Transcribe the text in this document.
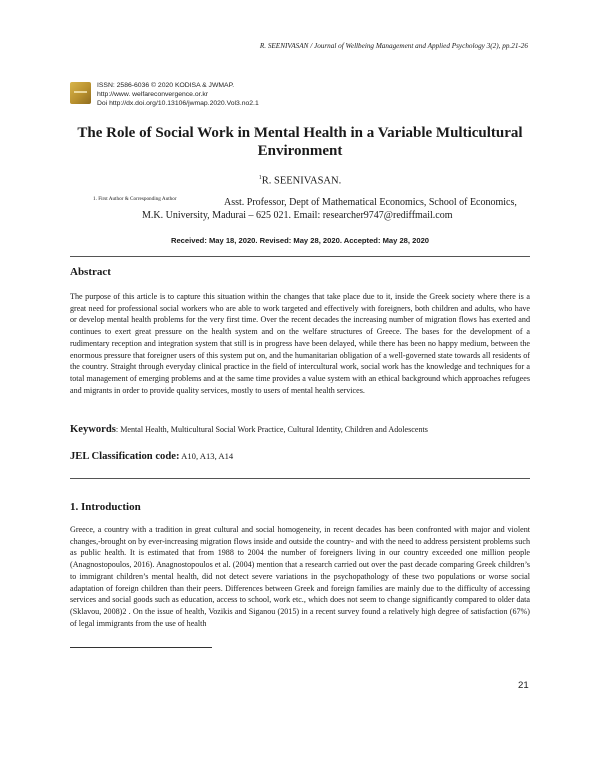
R. SEENIVASAN / Journal of Wellbeing Management and Applied Psychology 3(2), pp.21-26
ISSN: 2586-6036 © 2020 KODISA & JWMAP.
http://www. welfareconvergence.or.kr
Doi http://dx.doi.org/10.13106/jwmap.2020.Vol3.no2.1
The Role of Social Work in Mental Health in a Variable Multicultural
Environment
$^1$R. SEENIVASAN.
1. First Author & Corresponding Author	Asst. Professor, Dept of Mathematical Economics, School of Economics,
M.K. University, Madurai – 625 021. Email: researcher9747@rediffmail.com
Received: May 18, 2020. Revised: May 28, 2020. Accepted: May 28, 2020
Abstract
The purpose of this article is to capture this situation within the changes that take place due to it, inside the Greek society where there is a great need for professional social workers who are able to work targeted and effectively with foreigners, both children and adults, who have or develop mental health problems for the very first time. Over the recent decades the increasing number of migration flows has exerted and continues to exert great pressure on the health system and on the welfare structures of Greece. The bases for the development of a rudimentary reception and integration system that still is in progress have been delayed, while there has been no happy medium, between the enormous pressure that foreigner users of this system put on, and the humanitarian obligation of a well-governed state towards all residents of the country. Straight through everyday clinical practice in the field of intercultural work, social work has the knowledge and techniques for a total management of emerging problems and at the same time provides a value system with an ethical background which approaches refugees and migrants in order to provide quality services, mostly to users of mental health services.
Keywords: Mental Health, Multicultural Social Work Practice, Cultural Identity, Children and Adolescents
JEL Classification code: A10, A13, A14
1. Introduction
Greece, a country with a tradition in great cultural and social homogeneity, in recent decades has been confronted with major and violent changes,-brought on by ever-increasing migration flows inside and outside the country- and with the need to address persistent problems such as public health. It is estimated that from 1988 to 2004 the number of foreigners living in our country exceeded one million people (Anagnostopoulos, 2016). Anagnostopoulos et al. (2004) mention that a research carried out over the past decade comparing Greek children’s to immigrant children’s mental health, did not detect severe variations in the psychopathology of these two populations or worse social adaptation of foreign children than their peers. Differences between Greek and foreign families are mainly due to the difficulty of accessing services and social goods such as education, access to school, work etc., which does not seem to change significantly compared to older data (Sklavou, 2008)2 . On the issue of health, Vozikis and Siganou (2015) in a recent survey found a relatively high degree of satisfaction (67%) of legal immigrants from the use of health
21
